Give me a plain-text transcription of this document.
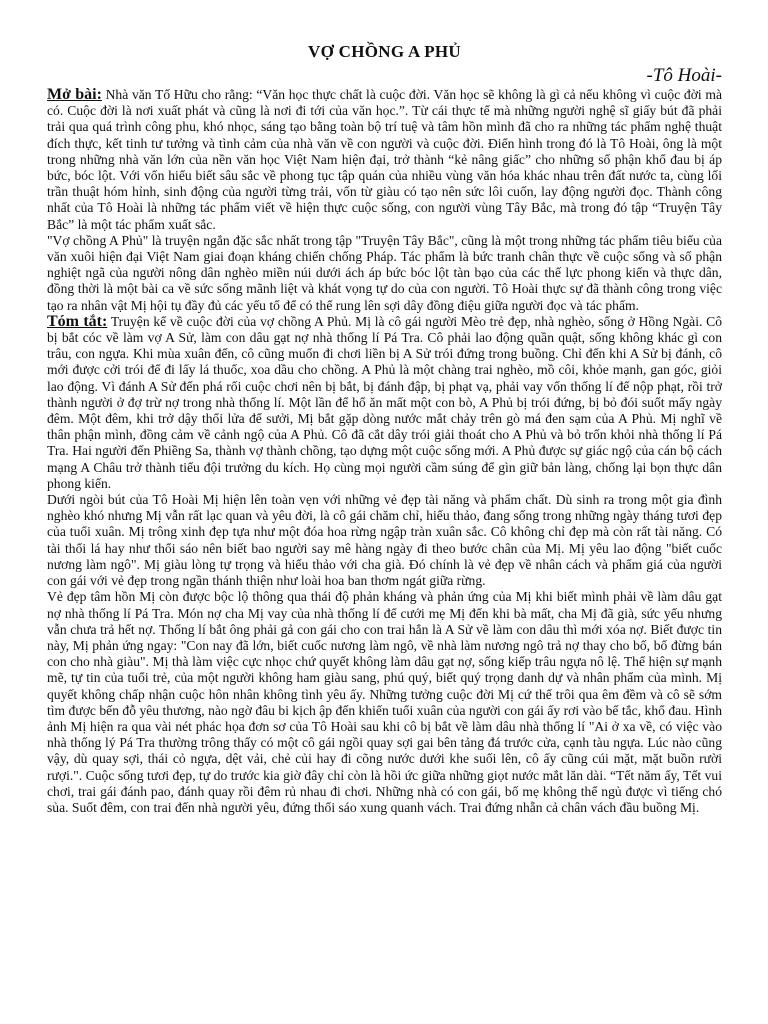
VỢ CHỒNG A PHỦ
-Tô Hoài-

Mở bài: Nhà văn Tố Hữu cho rằng: “Văn học thực chất là cuộc đời. Văn học sẽ không là gì cả nếu không vì cuộc đời mà có. Cuộc đời là nơi xuất phát và cũng là nơi đi tới của văn học.”. Từ cái thực tế mà những người nghệ sĩ giấy bút đã phải trải qua quá trình công phu, khó nhọc, sáng tạo bằng toàn bộ trí tuệ và tâm hồn mình đã cho ra những tác phẩm nghệ thuật đích thực, kết tinh tư tưởng và tình cảm của nhà văn về con người và cuộc đời. Điển hình trong đó là Tô Hoài, ông là một trong những nhà văn lớn của nền văn học Việt Nam hiện đại, trở thành “kẻ nâng giấc” cho những số phận khổ đau bị áp bức, bóc lột. Với vốn hiểu biết sâu sắc về phong tục tập quán của nhiều vùng văn hóa khác nhau trên đất nước ta, cùng lối trần thuật hóm hỉnh, sinh động của người từng trải, vốn từ giàu có tạo nên sức lôi cuốn, lay động người đọc. Thành công nhất của Tô Hoài là những tác phẩm viết về hiện thực cuộc sống, con người vùng Tây Bắc, mà trong đó tập “Truyện Tây Bắc” là một tác phẩm xuất sắc.

"Vợ chồng A Phủ" là truyện ngắn đặc sắc nhất trong tập "Truyện Tây Bắc", cũng là một trong những tác phẩm tiêu biểu của văn xuôi hiện đại Việt Nam giai đoạn kháng chiến chống Pháp. Tác phẩm là bức tranh chân thực về cuộc sống và số phận nghiệt ngã của người nông dân nghèo miền núi dưới ách áp bức bóc lột tàn bạo của các thế lực phong kiến và thực dân, đồng thời là một bài ca về sức sống mãnh liệt và khát vọng tự do của con người. Tô Hoài thực sự đã thành công trong việc tạo ra nhân vật Mị hội tụ đầy đủ các yếu tố để có thể rung lên sợi dây đồng điệu giữa người đọc và tác phẩm.

Tóm tắt: Truyện kể về cuộc đời của vợ chồng A Phủ. Mị là cô gái người Mèo trẻ đẹp, nhà nghèo, sống ở Hồng Ngài. Cô bị bắt cóc về làm vợ A Sử, làm con dâu gạt nợ nhà thống lí Pá Tra. Cô phải lao động quần quật, sống không khác gì con trâu, con ngựa. Khi mùa xuân đến, cô cũng muốn đi chơi liền bị A Sử trói đứng trong buồng. Chỉ đến khi A Sử bị đánh, cô mới được cởi trói để đi lấy lá thuốc, xoa dầu cho chồng. A Phủ là một chàng trai nghèo, mồ côi, khỏe mạnh, gan góc, giỏi lao động. Vì đánh A Sử đến phá rối cuộc chơi nên bị bắt, bị đánh đập, bị phạt vạ, phải vay vốn thống lí để nộp phạt, rồi trở thành người ở đợ trừ nợ trong nhà thống lí. Một lần để hổ ăn mất một con bò, A Phủ bị trói đứng, bị bỏ đói suốt mấy ngày đêm. Một đêm, khi trở dậy thổi lửa để sưởi, Mị bắt gặp dòng nước mắt chảy trên gò má đen sạm của A Phủ. Mị nghĩ về thân phận mình, đồng cảm về cảnh ngộ của A Phủ. Cô đã cắt dây trói giải thoát cho A Phủ và bỏ trốn khỏi nhà thống lí Pá Tra. Hai người đến Phiềng Sa, thành vợ thành chồng, tạo dựng một cuộc sống mới. A Phủ được sự giác ngộ của cán bộ cách mạng A Châu trở thành tiểu đội trưởng du kích. Họ cùng mọi người cầm súng để gìn giữ bản làng, chống lại bọn thực dân phong kiến.

Dưới ngòi bút của Tô Hoài Mị hiện lên toàn vẹn với những vẻ đẹp tài năng và phẩm chất. Dù sinh ra trong một gia đình nghèo khó nhưng Mị vẫn rất lạc quan và yêu đời, là cô gái chăm chỉ, hiếu thảo, đang sống trong những ngày tháng tươi đẹp của tuổi xuân. Mị trông xinh đẹp tựa như một đóa hoa rừng ngập tràn xuân sắc. Cô không chỉ đẹp mà còn rất tài năng. Có tài thổi lá hay như thổi sáo nên biết bao người say mê hàng ngày đi theo bước chân của Mị. Mị yêu lao động "biết cuốc nương làm ngô". Mị giàu lòng tự trọng và hiếu thảo với cha già. Đó chính là vẻ đẹp về nhân cách và phẩm giá của người con gái với vẻ đẹp trong ngần thánh thiện như loài hoa ban thơm ngát giữa rừng.

Vẻ đẹp tâm hồn Mị còn được bộc lộ thông qua thái độ phản kháng và phản ứng của Mị khi biết mình phải về làm dâu gạt nợ nhà thống lí Pá Tra. Món nợ cha Mị vay của nhà thống lí để cưới mẹ Mị đến khi bà mất, cha Mị đã già, sức yếu nhưng vẫn chưa trả hết nợ. Thống lí bắt ông phải gả con gái cho con trai hắn là A Sử về làm con dâu thì mới xóa nợ. Biết được tin này, Mị phản ứng ngay: "Con nay đã lớn, biết cuốc nương làm ngô, về nhà làm nương ngô trả nợ thay cho bố, bố đừng bán con cho nhà giàu". Mị thà làm việc cực nhọc chứ quyết không làm dâu gạt nợ, sống kiếp trâu ngựa nô lệ. Thể hiện sự mạnh mẽ, tự tin của tuổi trẻ, của một người không ham giàu sang, phú quý, biết quý trọng danh dự và nhân phẩm của mình. Mị quyết không chấp nhận cuộc hôn nhân không tình yêu ấy. Những tưởng cuộc đời Mị cứ thế trôi qua êm đềm và cô sẽ sớm tìm được bến đỗ yêu thương, nào ngờ đâu bi kịch ập đến khiến tuổi xuân của người con gái ấy rơi vào bế tắc, khổ đau. Hình ảnh Mị hiện ra qua vài nét phác họa đơn sơ của Tô Hoài sau khi cô bị bắt về làm dâu nhà thống lí "Ai ở xa về, có việc vào nhà thống lý Pá Tra thường trông thấy có một cô gái ngồi quay sợi gai bên tảng đá trước cửa, cạnh tàu ngựa. Lúc nào cũng vậy, dù quay sợi, thái cỏ ngựa, dệt vải, chẻ củi hay đi cõng nước dưới khe suối lên, cô ấy cũng cúi mặt, mặt buồn rười rượi.". Cuộc sống tươi đẹp, tự do trước kia giờ đây chỉ còn là hồi ức giữa những giọt nước mắt lăn dài. “Tết năm ấy, Tết vui chơi, trai gái đánh pao, đánh quay rồi đêm rủ nhau đi chơi. Những nhà có con gái, bố mẹ không thể ngủ được vì tiếng chó sủa. Suốt đêm, con trai đến nhà người yêu, đứng thổi sáo xung quanh vách. Trai đứng nhẵn cả chân vách đầu buồng Mị.
